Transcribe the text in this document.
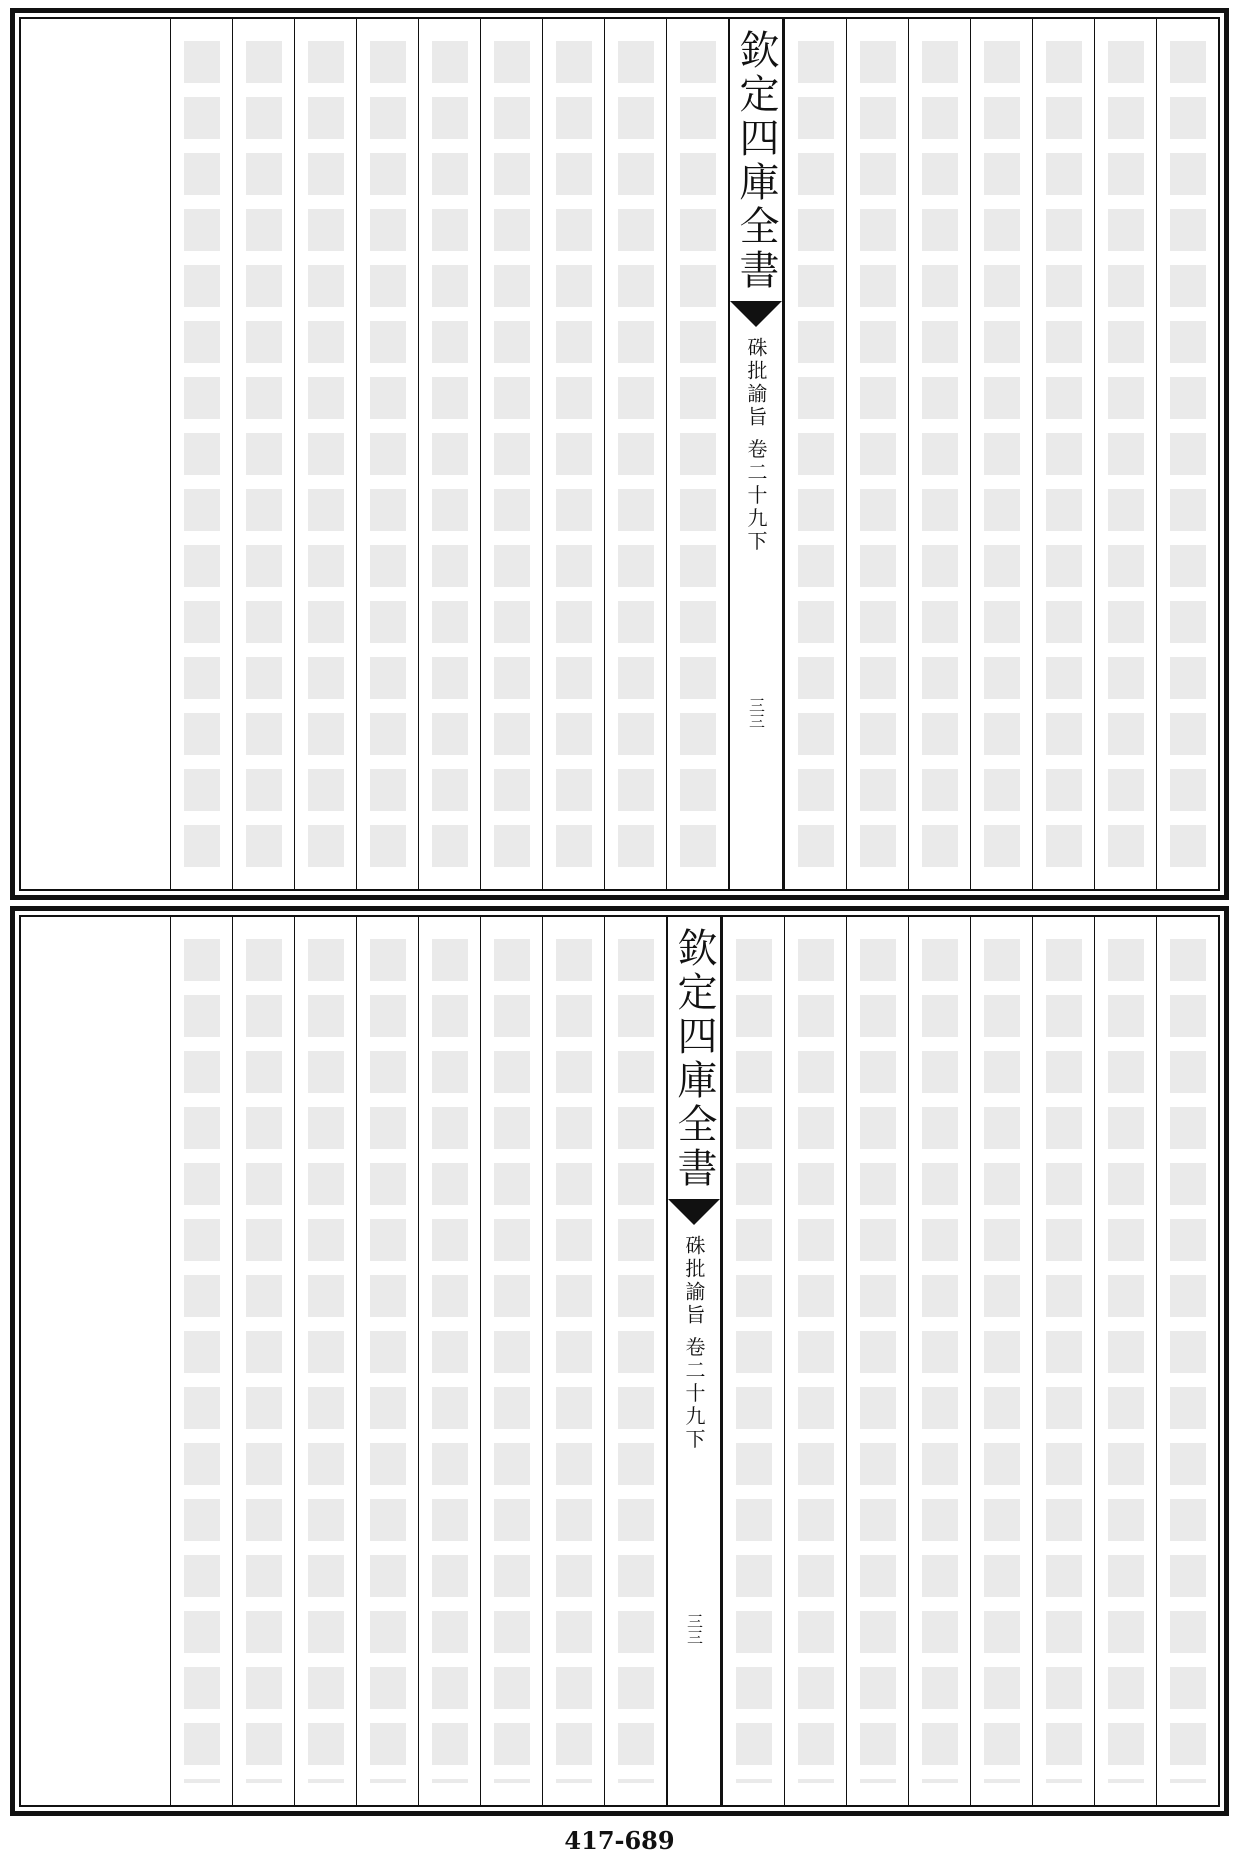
欽定四庫全書
硃批諭旨 卷二十九下
三三
欽定四庫全書
硃批諭旨 卷二十九下
三三
417-689
